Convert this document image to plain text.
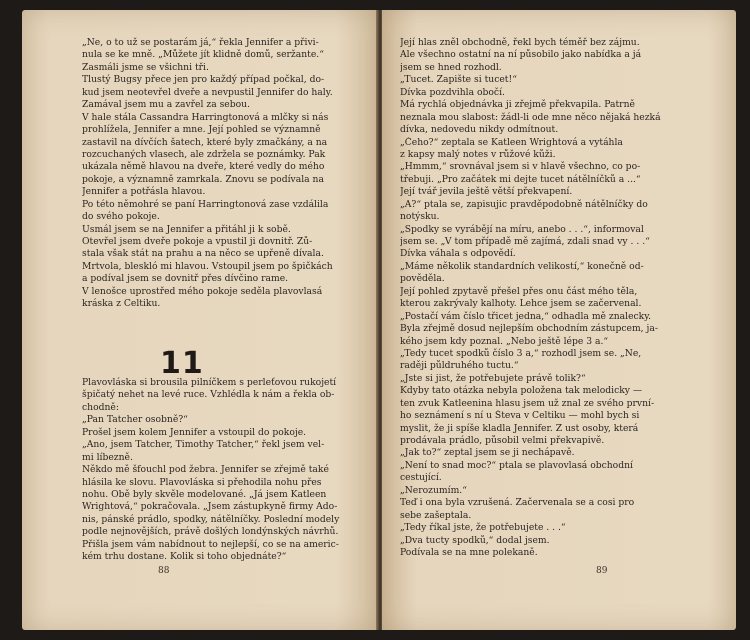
„Ne, o to už se postarám já,“ řekla Jennifer a přivi-
nula se ke mně. „Můžete jít klidně domů, seržante.“
Zasmáli jsme se všichni tři.
Tlustý Bugsy přece jen pro každý případ počkal, do-
kud jsem neotevřel dveře a nevpustil Jennifer do haly.
Zamával jsem mu a zavřel za sebou.
V hale stála Cassandra Harringtonová a mlčky si nás
prohlížela, Jennifer a mne. Její pohled se významně
zastavil na dívčích šatech, které byly zmačkány, a na
rozcuchaných vlasech, ale zdržela se poznámky. Pak
ukázala němě hlavou na dveře, které vedly do mého
pokoje, a významně zamrkala. Znovu se podívala na
Jennifer a potřásla hlavou.
Po této němohré se paní Harringtonová zase vzdálila
do svého pokoje.
Usmál jsem se na Jennifer a přitáhl ji k sobě.
Otevřel jsem dveře pokoje a vpustil ji dovnitř. Zů-
stala však stát na prahu a na něco se upřeně dívala.
Mrtvola, bleskló mi hlavou. Vstoupil jsem po špičkách
a podíval jsem se dovnitř přes dívčino rame.
V lenošce uprostřed mého pokoje seděla plavovlasá
kráska z Celtiku.
11
Plavovláska si brousila pilníčkem s perleťovou rukojetí
špičatý nehet na levé ruce. Vzhlédla k nám a řekla ob-
chodně:
„Pan Tatcher osobně?“
Prošel jsem kolem Jennifer a vstoupil do pokoje.
„Ano, jsem Tatcher, Timothy Tatcher,“ řekl jsem vel-
mi líbezně.
Někdo mě šfouchl pod žebra. Jennifer se zřejmě také
hlásila ke slovu. Plavovláska si přehodila nohu přes
nohu. Obě byly skvěle modelované. „Já jsem Katleen
Wrightová,“ pokračovala. „Jsem zástupkyně firmy Ado-
nis, pánské prádlo, spodky, nátělníčky. Poslední modely
podle nejnovějších, právě došlých londýnských návrhů.
Přišla jsem vám nabídnout to nejlepší, co se na americ-
kém trhu dostane. Kolik si toho objednáte?“
88
Její hlas zněl obchodně, řekl bych téměř bez zájmu.
Ale všechno ostatní na ní působilo jako nabídka a já
jsem se hned rozhodl.
„Tucet. Zapište si tucet!“
Dívka pozdvihla obočí.
Má rychlá objednávka ji zřejmě překvapila. Patrně
neznala mou slabost: žádl-li ode mne něco nějaká hezká
dívka, nedovedu nikdy odmítnout.
„Čeho?“ zeptala se Katleen Wrightová a vytáhla
z kapsy malý notes v růžové kůži.
„Hmmm,“ srovnával jsem si v hlavě všechno, co po-
třebuji. „Pro začátek mi dejte tucet nátělníčků a ...“
Její tvář jevila ještě větší překvapení.
„A?“ ptala se, zapisujic pravděpodobně nátělníčky do
notýsku.
„Spodky se vyrábějí na míru, anebo . . .“, informoval
jsem se. „V tom případě mě zajímá, zdali snad vy . . .“
Dívka váhala s odpovědí.
„Máme několik standardních velikostí,“ konečně od-
pověděla.
Její pohled zpytavě přešel přes onu část mého těla,
kterou zakrývaly kalhoty. Lehce jsem se začervenal.
„Postačí vám číslo třicet jedna,“ odhadla mě znalecky.
Byla zřejmě dosud nejlepším obchodním zástupcem, ja-
kého jsem kdy poznal. „Nebo ještě lépe 3 a.“
„Tedy tucet spodků číslo 3 a,“ rozhodl jsem se. „Ne,
raději půldruhého tuctu.“
„Jste si jist, že potřebujete právě tolik?“
Kdyby tato otázka nebyla položena tak melodicky —
ten zvuk Katleenina hlasu jsem už znal ze svého první-
ho seznámení s ní u Števa v Celtiku — mohl bych si
myslit, že ji spíše kladla Jennifer. Z ust osoby, která
prodávala prádlo, působil velmi překvapivě.
„Jak to?“ zeptal jsem se ji nechápavě.
„Není to snad moc?“ ptala se plavovlasá obchodní
cestující.
„Nerozumím.“
Teď i ona byla vzrušená. Začervenala se a cosi pro
sebe zašeptala.
„Tedy říkal jste, že potřebujete . . .“
„Dva tucty spodků,“ dodal jsem.
Podívala se na mne polekaně.
89
